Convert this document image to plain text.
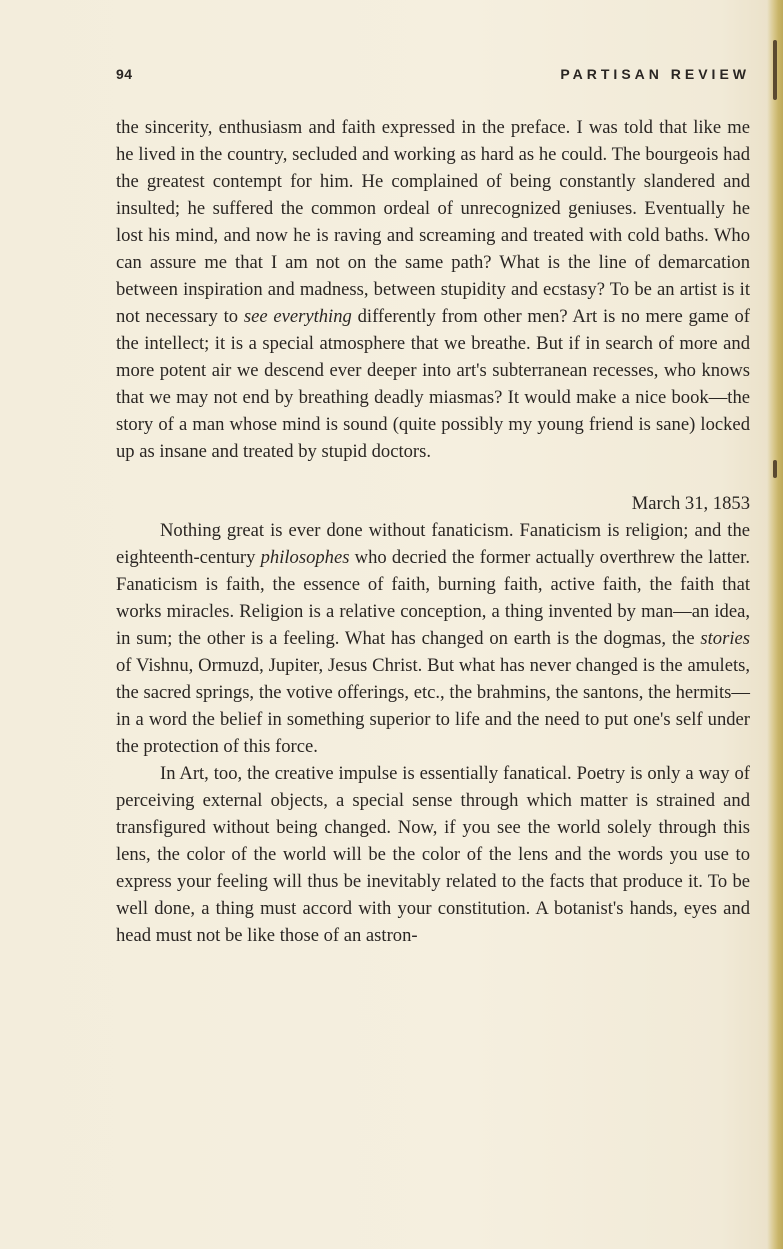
94	PARTISAN REVIEW

the sincerity, enthusiasm and faith expressed in the preface. I was told that like me he lived in the country, secluded and working as hard as he could. The bourgeois had the greatest contempt for him. He complained of being constantly slandered and insulted; he suffered the common ordeal of unrecognized geniuses. Eventually he lost his mind, and now he is raving and screaming and treated with cold baths. Who can assure me that I am not on the same path? What is the line of demarcation between inspiration and madness, between stupidity and ecstasy? To be an artist is it not necessary to see everything differently from other men? Art is no mere game of the intellect; it is a special atmosphere that we breathe. But if in search of more and more potent air we descend ever deeper into art's subterranean recesses, who knows that we may not end by breathing deadly miasmas? It would make a nice book—the story of a man whose mind is sound (quite possibly my young friend is sane) locked up as insane and treated by stupid doctors.

March 31, 1853

Nothing great is ever done without fanaticism. Fanaticism is religion; and the eighteenth-century philosophes who decried the former actually overthrew the latter. Fanaticism is faith, the essence of faith, burning faith, active faith, the faith that works miracles. Religion is a relative conception, a thing invented by man—an idea, in sum; the other is a feeling. What has changed on earth is the dogmas, the stories of Vishnu, Ormuzd, Jupiter, Jesus Christ. But what has never changed is the amulets, the sacred springs, the votive offerings, etc., the brahmins, the santons, the hermits—in a word the belief in something superior to life and the need to put one's self under the protection of this force.

In Art, too, the creative impulse is essentially fanatical. Poetry is only a way of perceiving external objects, a special sense through which matter is strained and transfigured without being changed. Now, if you see the world solely through this lens, the color of the world will be the color of the lens and the words you use to express your feeling will thus be inevitably related to the facts that produce it. To be well done, a thing must accord with your constitution. A botanist's hands, eyes and head must not be like those of an astron-
